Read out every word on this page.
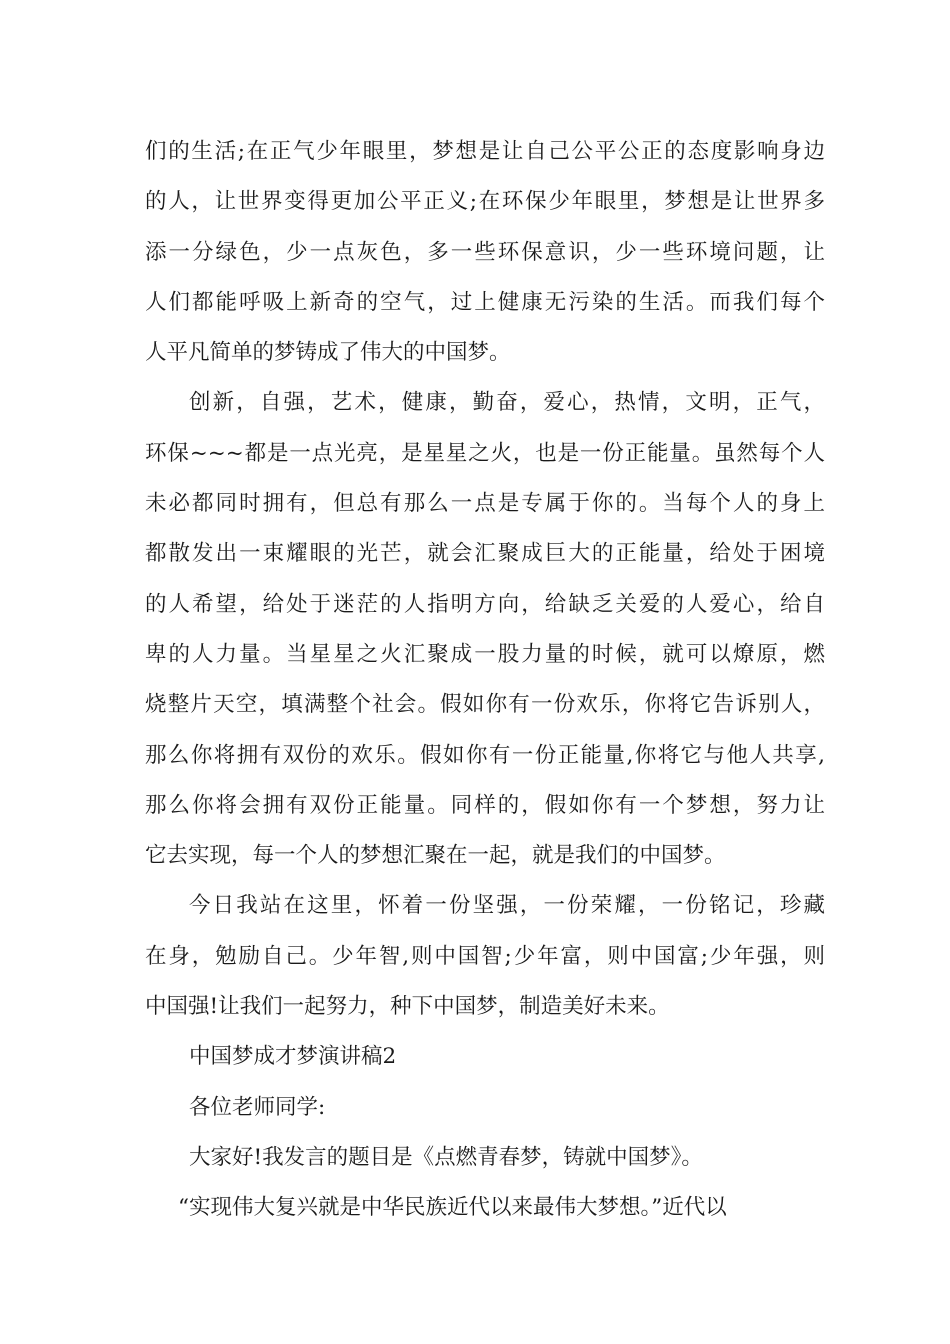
们的生活;在正气少年眼里，梦想是让自己公平公正的态度影响身边
的人，让世界变得更加公平正义;在环保少年眼里，梦想是让世界多
添一分绿色，少一点灰色，多一些环保意识，少一些环境问题，让
人们都能呼吸上新奇的空气，过上健康无污染的生活。而我们每个
人平凡简单的梦铸成了伟大的中国梦。
创新，自强，艺术，健康，勤奋，爱心，热情，文明，正气，
环保~~~都是一点光亮，是星星之火，也是一份正能量。虽然每个人
未必都同时拥有，但总有那么一点是专属于你的。当每个人的身上
都散发出一束耀眼的光芒，就会汇聚成巨大的正能量，给处于困境
的人希望，给处于迷茫的人指明方向，给缺乏关爱的人爱心，给自
卑的人力量。当星星之火汇聚成一股力量的时候，就可以燎原，燃
烧整片天空，填满整个社会。假如你有一份欢乐，你将它告诉别人，
那么你将拥有双份的欢乐。假如你有一份正能量,你将它与他人共享,
那么你将会拥有双份正能量。同样的，假如你有一个梦想，努力让
它去实现，每一个人的梦想汇聚在一起，就是我们的中国梦。
今日我站在这里，怀着一份坚强，一份荣耀，一份铭记，珍藏
在身，勉励自己。少年智,则中国智;少年富，则中国富;少年强，则
中国强!让我们一起努力，种下中国梦，制造美好未来。
中国梦成才梦演讲稿2
各位老师同学:
大家好!我发言的题目是《点燃青春梦，铸就中国梦》。
“实现伟大复兴就是中华民族近代以来最伟大梦想。”近代以
